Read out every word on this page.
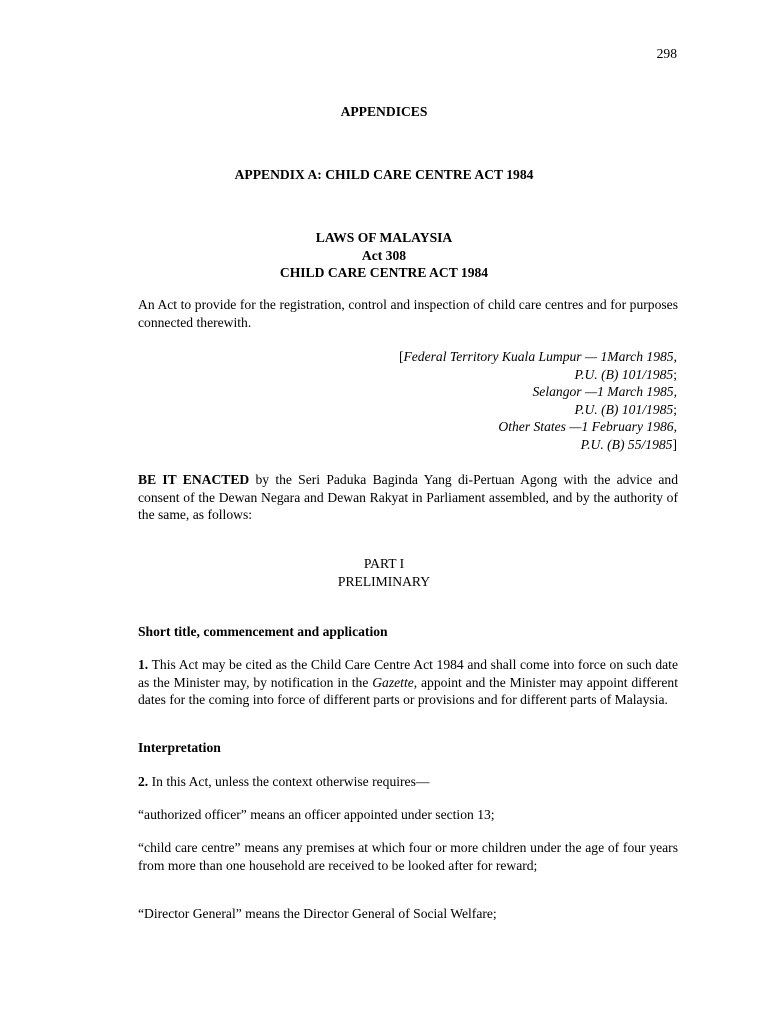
298
APPENDICES
APPENDIX A: CHILD CARE CENTRE ACT 1984
LAWS OF MALAYSIA
Act 308
CHILD CARE CENTRE ACT 1984

An Act to provide for the registration, control and inspection of child care centres and for purposes connected therewith.

[Federal Territory Kuala Lumpur — 1March 1985,
P.U. (B) 101/1985;
Selangor —1 March 1985,
P.U. (B) 101/1985;
Other States —1 February 1986,
P.U. (B) 55/1985]

BE IT ENACTED by the Seri Paduka Baginda Yang di-Pertuan Agong with the advice and consent of the Dewan Negara and Dewan Rakyat in Parliament assembled, and by the authority of the same, as follows:

PART I
PRELIMINARY
Short title, commencement and application

1. This Act may be cited as the Child Care Centre Act 1984 and shall come into force on such date as the Minister may, by notification in the Gazette, appoint and the Minister may appoint different dates for the coming into force of different parts or provisions and for different parts of Malaysia.

Interpretation

2. In this Act, unless the context otherwise requires—

“authorized officer” means an officer appointed under section 13;

“child care centre” means any premises at which four or more children under the age of four years from more than one household are received to be looked after for reward;

“Director General” means the Director General of Social Welfare;
